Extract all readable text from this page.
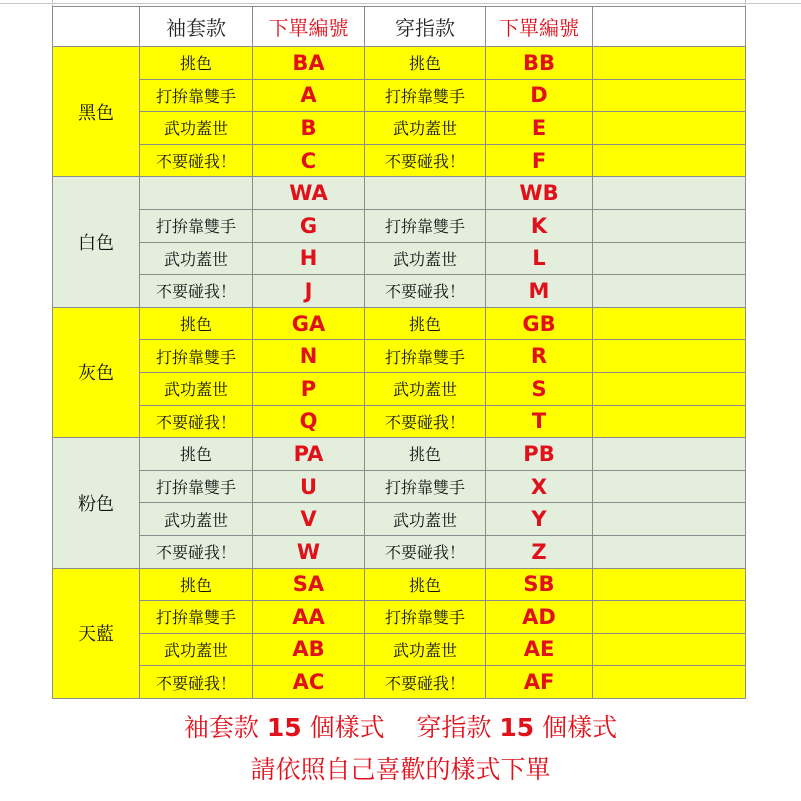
	袖套款	下單編號	穿指款	下單編號	
黑色	挑色	BA	挑色	BB	
	打拚靠雙手	A	打拚靠雙手	D	
	武功蓋世	B	武功蓋世	E	
	不要碰我！	C	不要碰我！	F	
白色		WA		WB	
	打拚靠雙手	G	打拚靠雙手	K	
	武功蓋世	H	武功蓋世	L	
	不要碰我！	J	不要碰我！	M	
灰色	挑色	GA	挑色	GB	
	打拚靠雙手	N	打拚靠雙手	R	
	武功蓋世	P	武功蓋世	S	
	不要碰我！	Q	不要碰我！	T	
粉色	挑色	PA	挑色	PB	
	打拚靠雙手	U	打拚靠雙手	X	
	武功蓋世	V	武功蓋世	Y	
	不要碰我！	W	不要碰我！	Z	
天藍	挑色	SA	挑色	SB	
	打拚靠雙手	AA	打拚靠雙手	AD	
	武功蓋世	AB	武功蓋世	AE	
	不要碰我！	AC	不要碰我！	AF	
袖套款 15 個樣式 穿指款 15 個樣式
請依照自己喜歡的樣式下單
